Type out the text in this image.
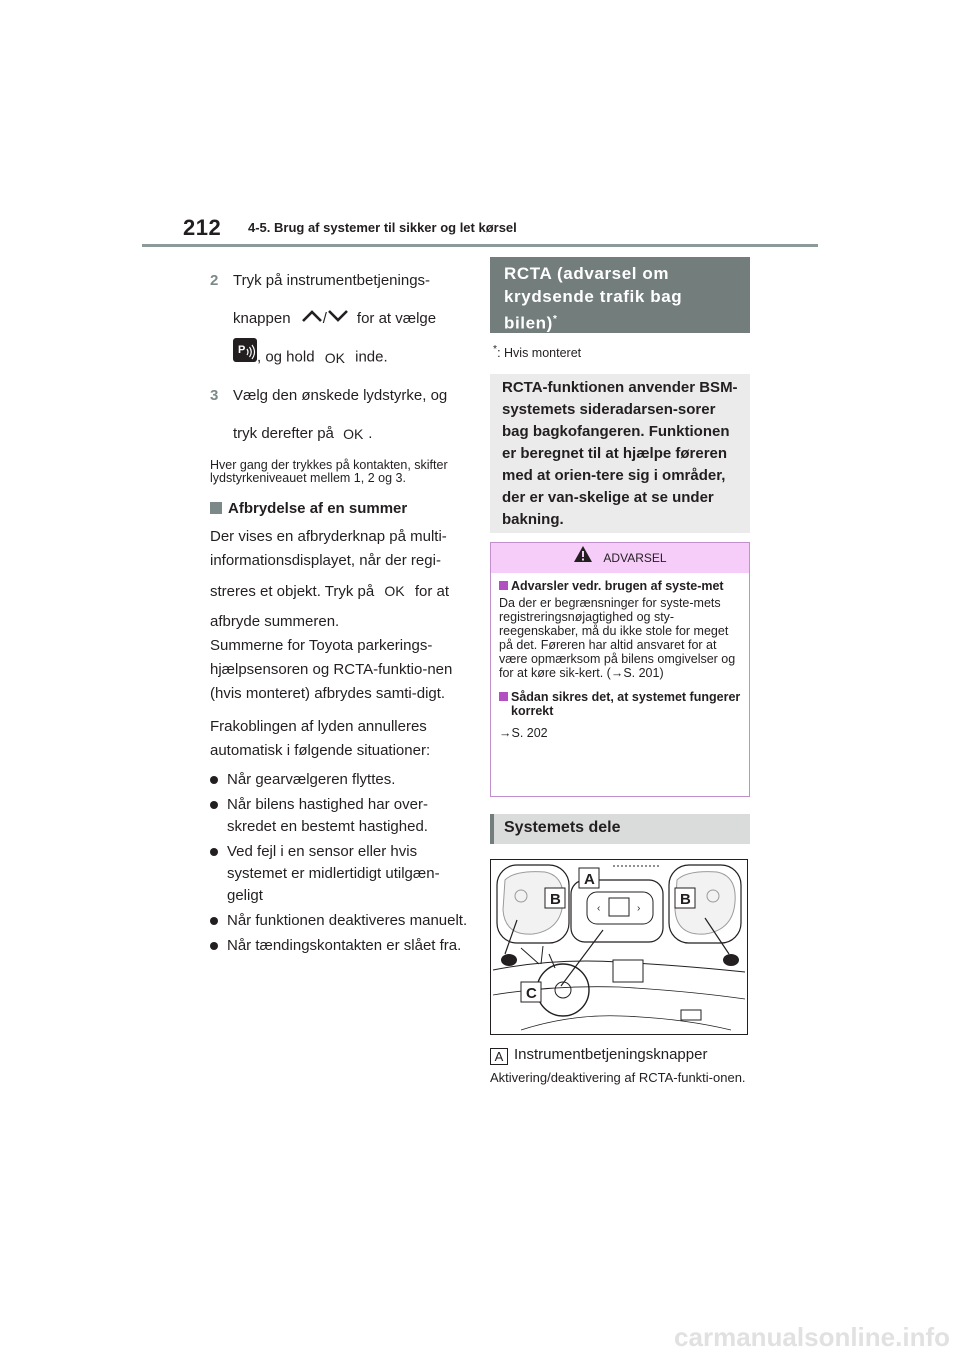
212 4-5. Brug af systemer til sikker og let kørsel
2 Tryk på instrumentbetjenings-
knappen / for at vælge
P , og hold OK inde.
3 Vælg den ønskede lydstyrke, og
tryk derefter på OK .
Hver gang der trykkes på kontakten, skifter lydstyrkeniveauet mellem 1, 2 og 3.
Afbrydelse af en summer
Der vises en afbryderknap på multi-
informationsdisplayet, når der regi-
streres et objekt. Tryk på OK for at
afbryde summeren.
Summerne for Toyota parkerings-hjælpsensoren og RCTA-funktio-nen (hvis monteret) afbrydes samti-digt.
Frakoblingen af lyden annulleres automatisk i følgende situationer:
Når gearvælgeren flyttes.
Når bilens hastighed har over-skredet en bestemt hastighed.
Ved fejl i en sensor eller hvis systemet er midlertidigt utilgæn-geligt
Når funktionen deaktiveres manuelt.
Når tændingskontakten er slået fra.
RCTA (advarsel om krydsende trafik bag bilen)*
*: Hvis monteret
RCTA-funktionen anvender BSM-systemets sideradarsen-sorer bag bagkofangeren. Funktionen er beregnet til at hjælpe føreren med at orien-tere sig i områder, der er van-skelige at se under bakning.
ADVARSEL
Advarsler vedr. brugen af syste-met
Da der er begrænsninger for syste-mets registreringsnøjagtighed og sty-reegenskaber, må du ikke stole for meget på det. Føreren har altid ansvaret for at være opmærksom på bilens omgivelser og for at køre sik-kert. (→S. 201)
Sådan sikres det, at systemet fungerer korrekt
→S. 202
Systemets dele
‹	›
A
B	B
C
A Instrumentbetjeningsknapper
Aktivering/deaktivering af RCTA-funkti-onen.
carmanualsonline.info
